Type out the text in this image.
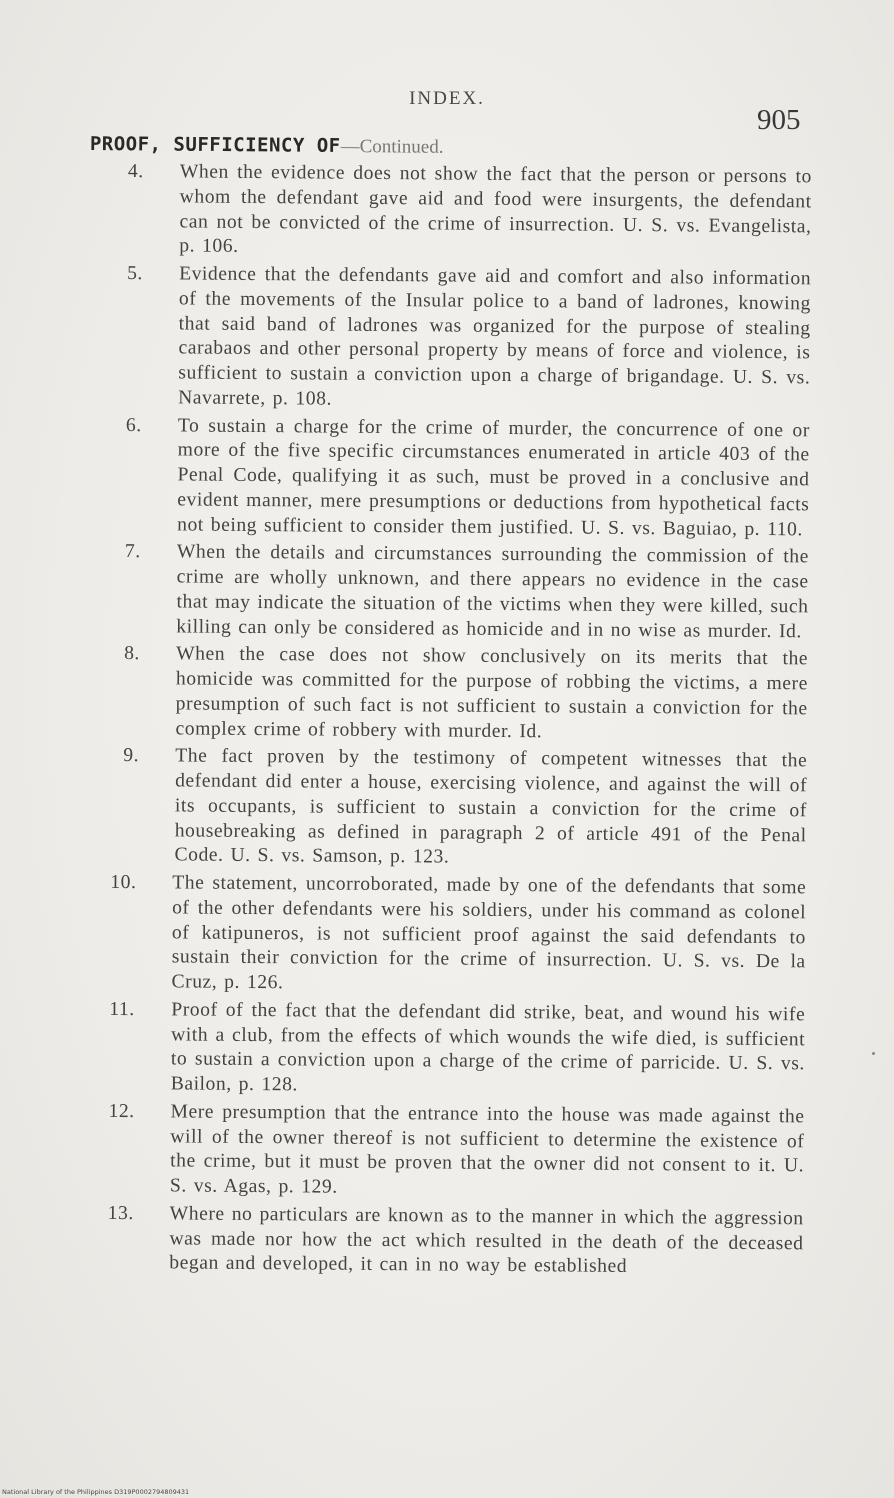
INDEX.
905
PROOF, SUFFICIENCY OF—Continued.
4. When the evidence does not show the fact that the person or persons to whom the defendant gave aid and food were insurgents, the defendant can not be convicted of the crime of insurrection. U. S. vs. Evangelista, p. 106.
5. Evidence that the defendants gave aid and comfort and also information of the movements of the Insular police to a band of ladrones, knowing that said band of ladrones was organized for the purpose of stealing carabaos and other personal property by means of force and violence, is sufficient to sustain a conviction upon a charge of brigandage. U. S. vs. Navarrete, p. 108.
6. To sustain a charge for the crime of murder, the concurrence of one or more of the five specific circumstances enumerated in article 403 of the Penal Code, qualifying it as such, must be proved in a conclusive and evident manner, mere presumptions or deductions from hypothetical facts not being sufficient to consider them justified. U. S. vs. Baguiao, p. 110.
7. When the details and circumstances surrounding the commission of the crime are wholly unknown, and there appears no evidence in the case that may indicate the situation of the victims when they were killed, such killing can only be considered as homicide and in no wise as murder. Id.
8. When the case does not show conclusively on its merits that the homicide was committed for the purpose of robbing the victims, a mere presumption of such fact is not sufficient to sustain a conviction for the complex crime of robbery with murder. Id.
9. The fact proven by the testimony of competent witnesses that the defendant did enter a house, exercising violence, and against the will of its occupants, is sufficient to sustain a conviction for the crime of housebreaking as defined in paragraph 2 of article 491 of the Penal Code. U. S. vs. Samson, p. 123.
10. The statement, uncorroborated, made by one of the defendants that some of the other defendants were his soldiers, under his command as colonel of katipuneros, is not sufficient proof against the said defendants to sustain their conviction for the crime of insurrection. U. S. vs. De la Cruz, p. 126.
11. Proof of the fact that the defendant did strike, beat, and wound his wife with a club, from the effects of which wounds the wife died, is sufficient to sustain a conviction upon a charge of the crime of parricide. U. S. vs. Bailon, p. 128.
12. Mere presumption that the entrance into the house was made against the will of the owner thereof is not sufficient to determine the existence of the crime, but it must be proven that the owner did not consent to it. U. S. vs. Agas, p. 129.
13. Where no particulars are known as to the manner in which the aggression was made nor how the act which resulted in the death of the deceased began and developed, it can in no way be established
National Library of the Philippines D319P0002794809431
